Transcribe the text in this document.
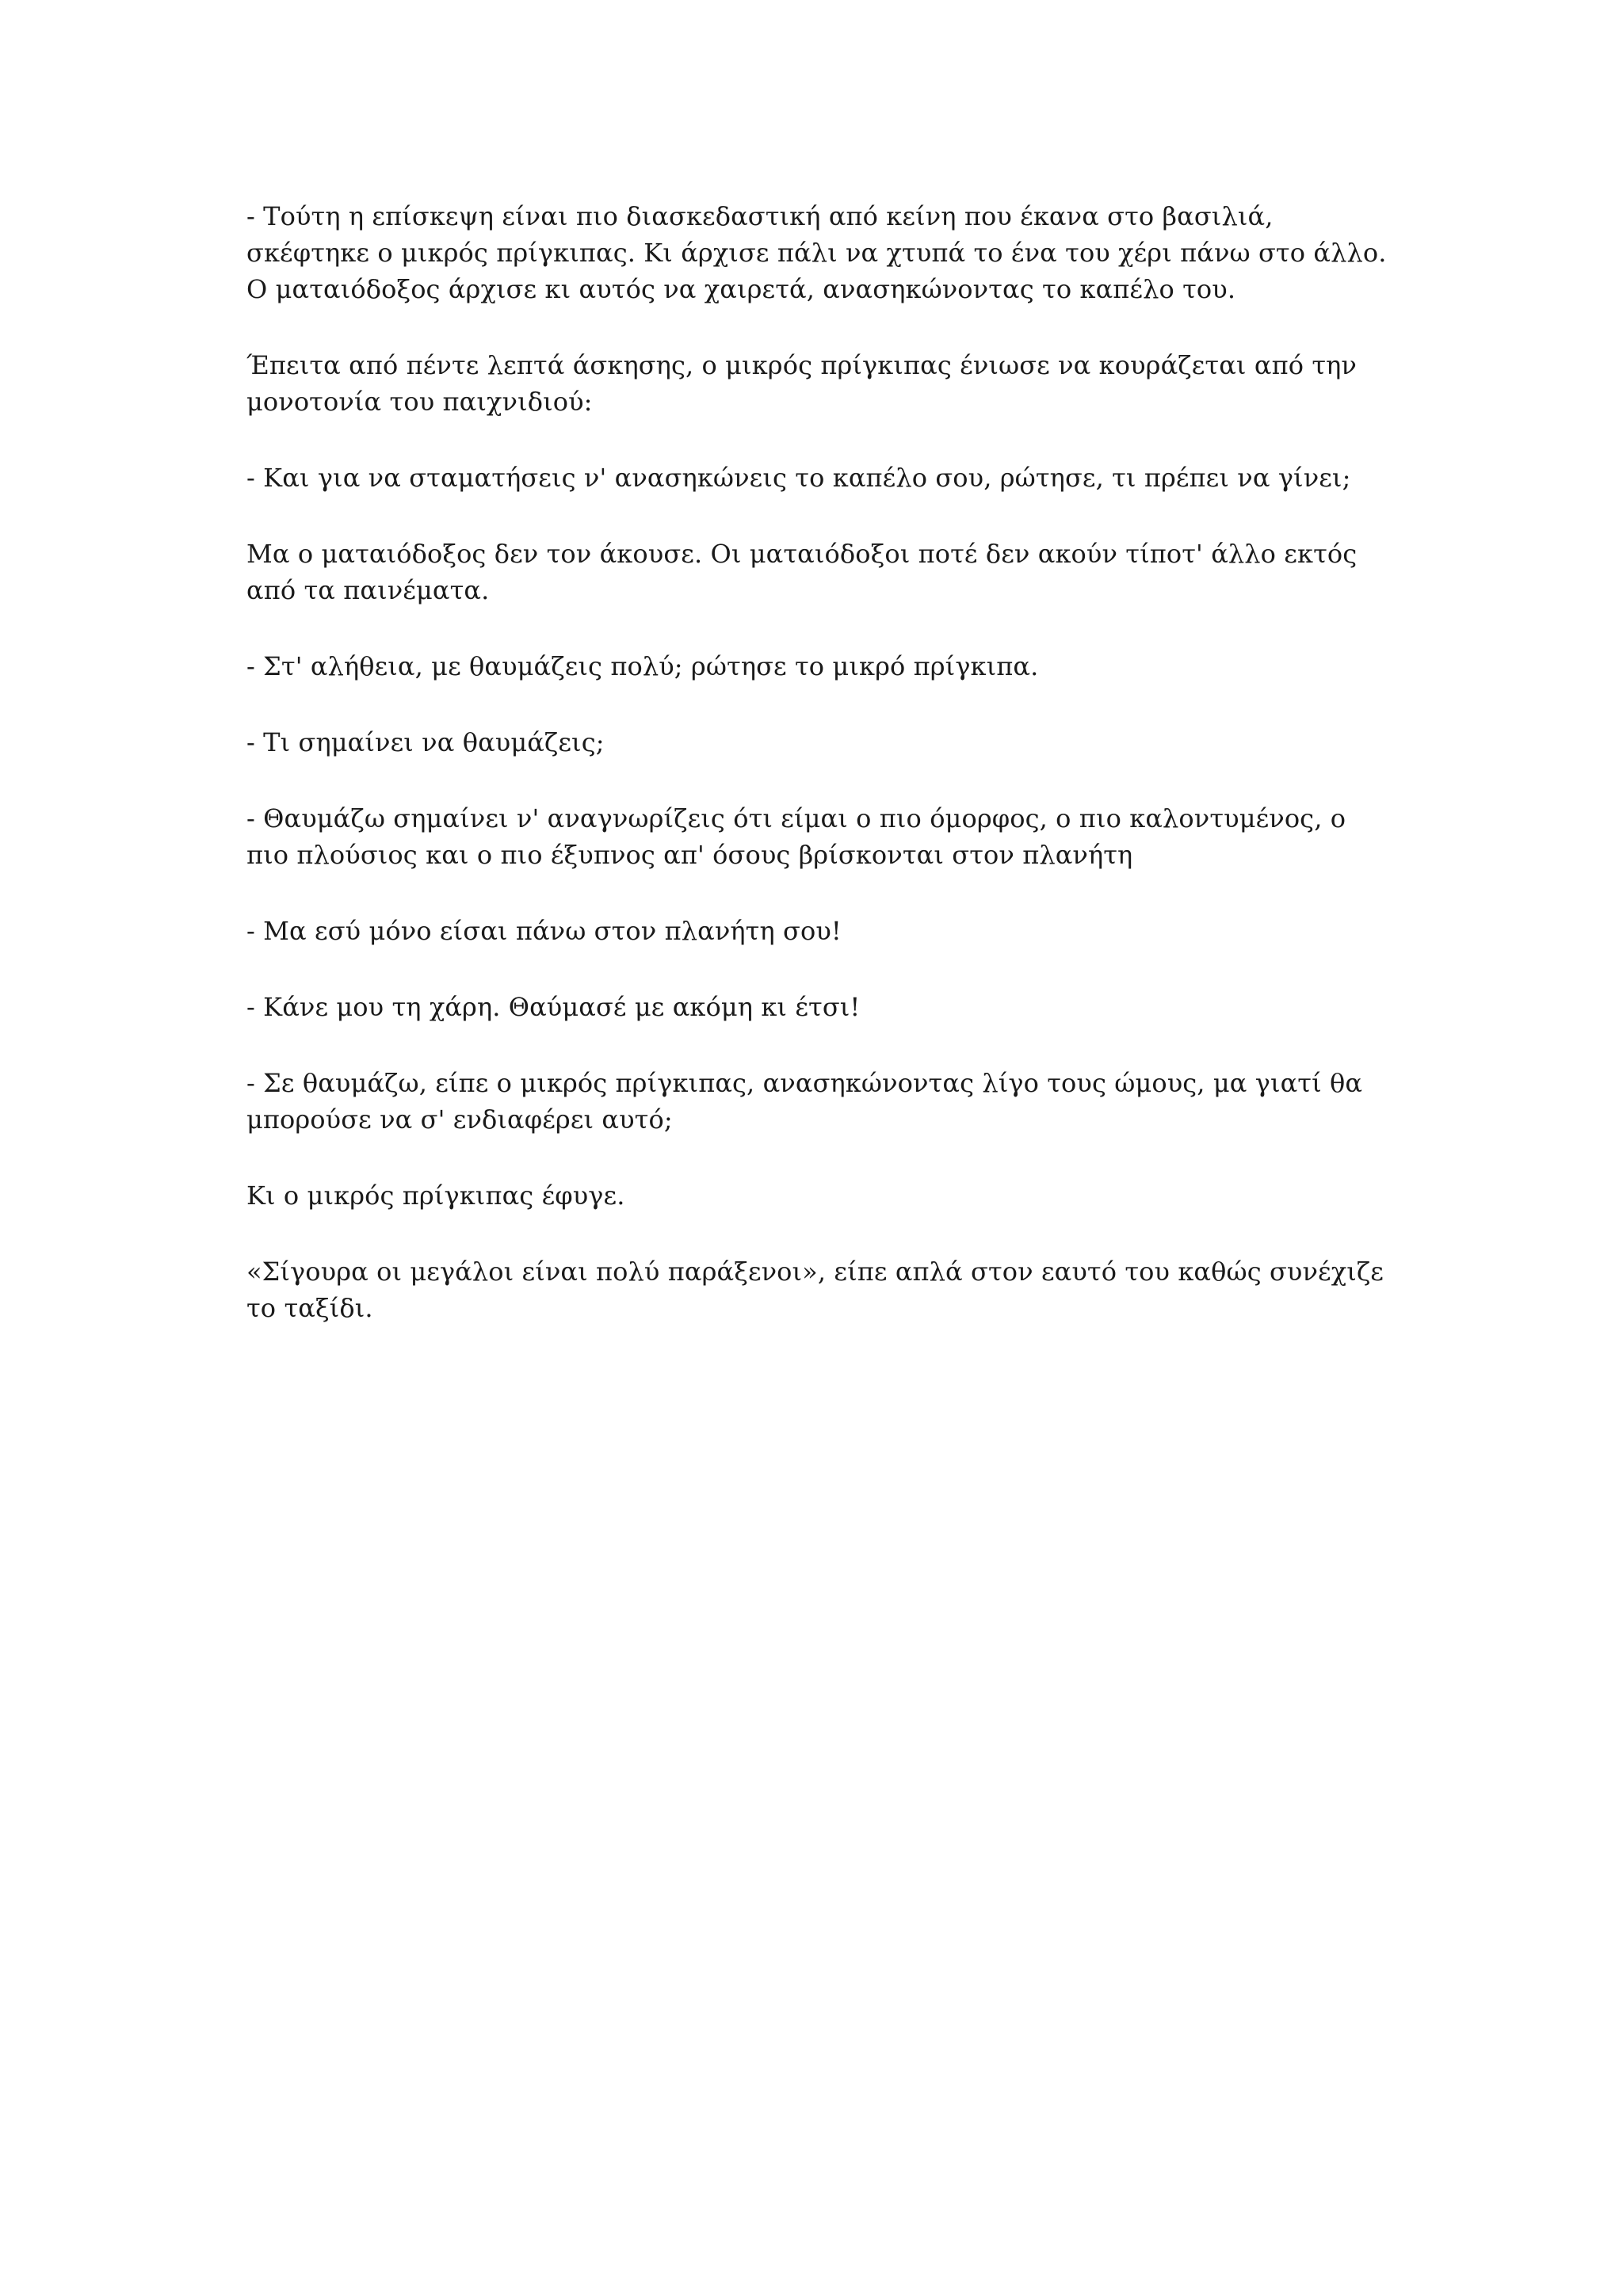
- Τούτη η επίσκεψη είναι πιο διασκεδαστική από κείνη που έκανα στο βασιλιά, σκέφτηκε ο μικρός πρίγκιπας. Κι άρχισε πάλι να χτυπά το ένα του χέρι πάνω στο άλλο. Ο ματαιόδοξος άρχισε κι αυτός να χαιρετά, ανασηκώνοντας το καπέλο του.

Έπειτα από πέντε λεπτά άσκησης, ο μικρός πρίγκιπας ένιωσε να κουράζεται από την μονοτονία του παιχνιδιού:

- Και για να σταματήσεις ν' ανασηκώνεις το καπέλο σου, ρώτησε, τι πρέπει να γίνει;

Μα ο ματαιόδοξος δεν τον άκουσε. Οι ματαιόδοξοι ποτέ δεν ακούν τίποτ' άλλο εκτός από τα παινέματα.

- Στ' αλήθεια, με θαυμάζεις πολύ; ρώτησε το μικρό πρίγκιπα.

- Τι σημαίνει να θαυμάζεις;

- Θαυμάζω σημαίνει ν' αναγνωρίζεις ότι είμαι ο πιο όμορφος, ο πιο καλοντυμένος, ο πιο πλούσιος και ο πιο έξυπνος απ' όσους βρίσκονται στον πλανήτη

- Μα εσύ μόνο είσαι πάνω στον πλανήτη σου!

- Κάνε μου τη χάρη. Θαύμασέ με ακόμη κι έτσι!

- Σε θαυμάζω, είπε ο μικρός πρίγκιπας, ανασηκώνοντας λίγο τους ώμους, μα γιατί θα μπορούσε να σ' ενδιαφέρει αυτό;

Κι ο μικρός πρίγκιπας έφυγε.

«Σίγουρα οι μεγάλοι είναι πολύ παράξενοι», είπε απλά στον εαυτό του καθώς συνέχιζε το ταξίδι.
